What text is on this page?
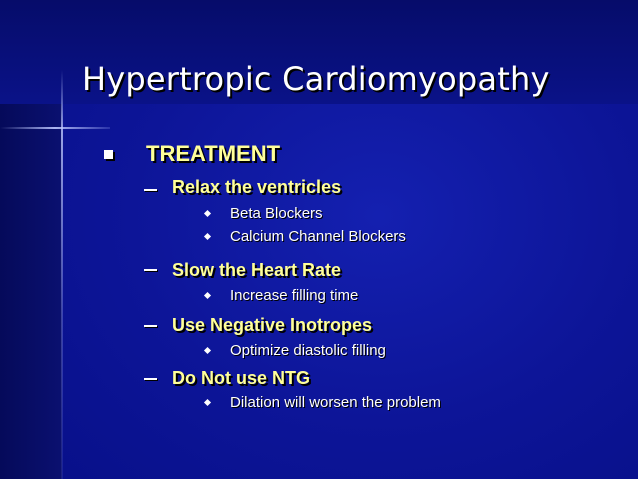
Hypertropic Cardiomyopathy
TREATMENT
Relax the ventricles
Beta Blockers
Calcium Channel Blockers
Slow the Heart Rate
Increase filling time
Use Negative Inotropes
Optimize diastolic filling
Do Not use NTG
Dilation will worsen the problem
